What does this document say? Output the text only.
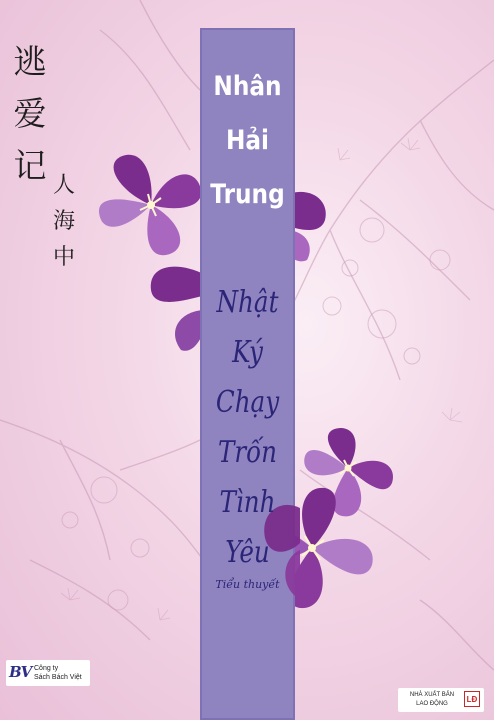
逃
爱
记
人
海
中
Nhân
Hải
Trung
Nhật
Ký
Chạy
Trốn
Tình
Yêu
Tiểu thuyết
BV Công ty
Sách Bách Việt
NHÀ XUẤT BẢN
LAO ĐỘNG	LĐ
